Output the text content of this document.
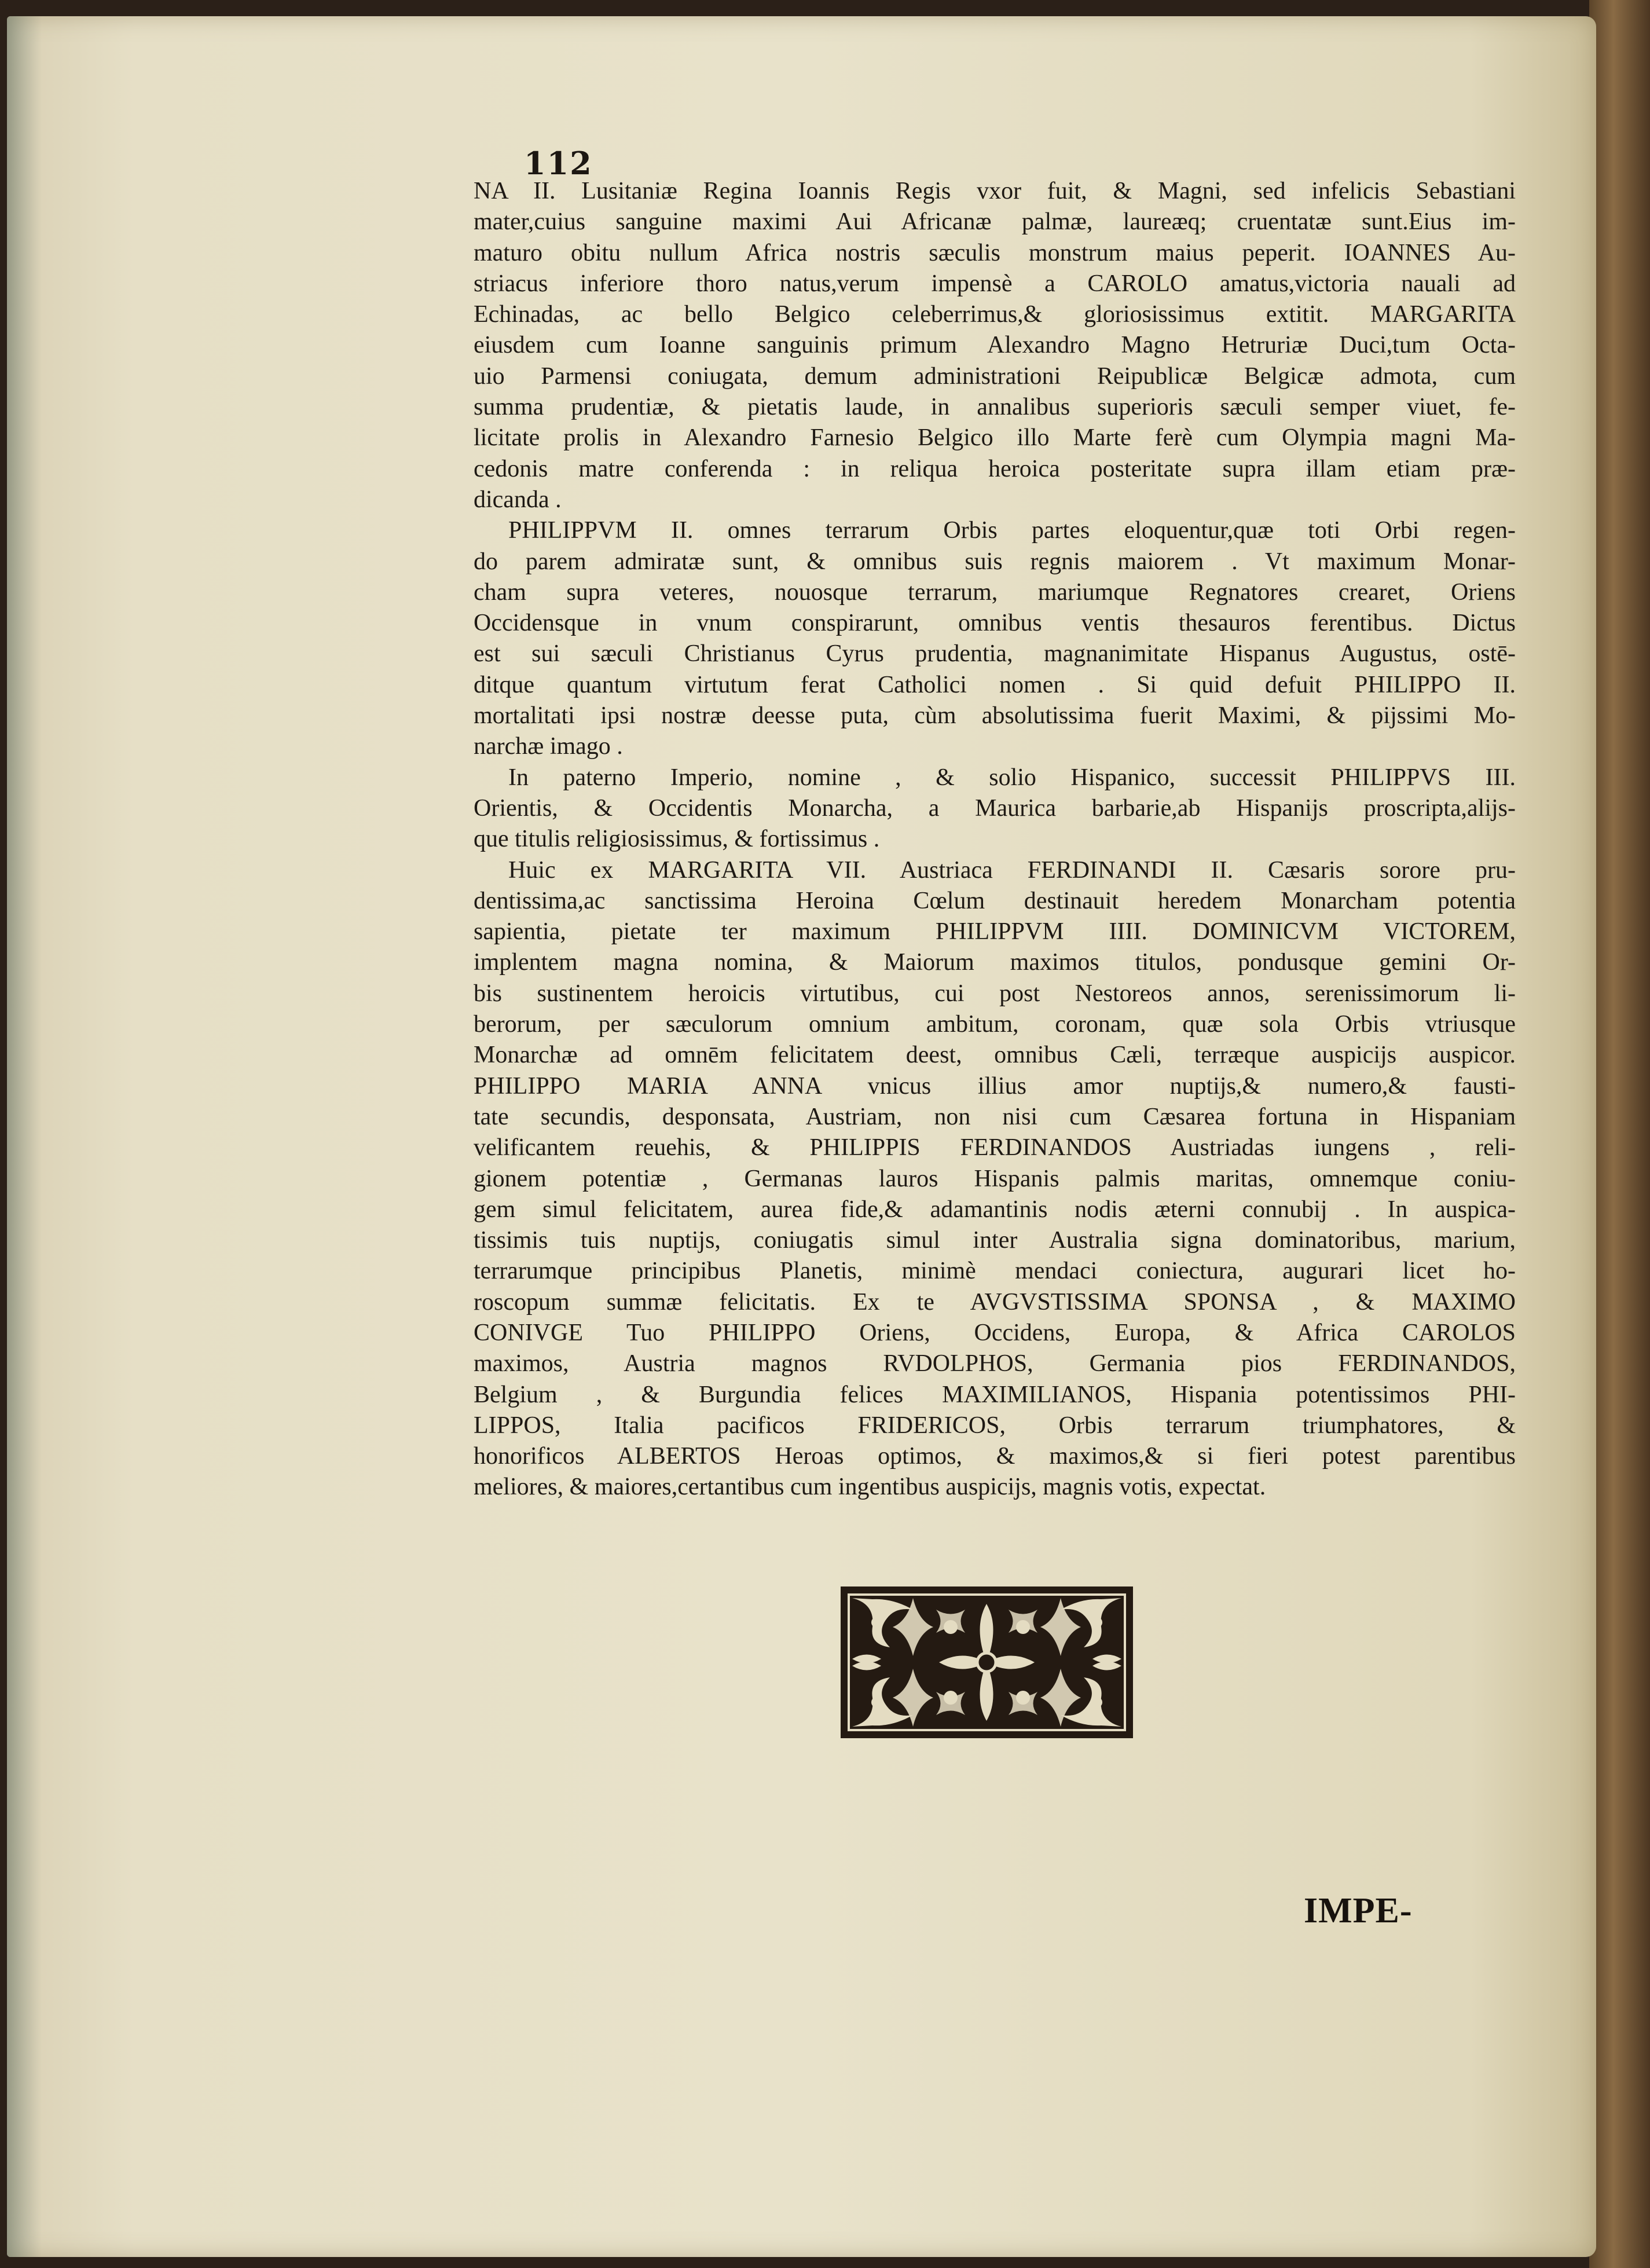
112
NA II. Lusitaniæ Regina Ioannis Regis vxor fuit, & Magni, sed infelicis Sebastiani
mater,cuius sanguine maximi Aui Africanæ palmæ, laureæq; cruentatæ sunt.Eius im-
maturo obitu nullum Africa nostris sæculis monstrum maius peperit. IOANNES Au-
striacus inferiore thoro natus,verum impensè a CAROLO amatus,victoria nauali ad
Echinadas, ac bello Belgico celeberrimus,& gloriosissimus extitit. MARGARITA
eiusdem cum Ioanne sanguinis primum Alexandro Magno Hetruriæ Duci,tum Octa-
uio Parmensi coniugata, demum administrationi Reipublicæ Belgicæ admota, cum
summa prudentiæ, & pietatis laude, in annalibus superioris sæculi semper viuet, fe-
licitate prolis in Alexandro Farnesio Belgico illo Marte ferè cum Olympia magni Ma-
cedonis matre conferenda : in reliqua heroica posteritate supra illam etiam præ-
dicanda .
PHILIPPVM II. omnes terrarum Orbis partes eloquentur,quæ toti Orbi regen-
do parem admiratæ sunt, & omnibus suis regnis maiorem . Vt maximum Monar-
cham supra veteres, nouosque terrarum, mariumque Regnatores crearet, Oriens
Occidensque in vnum conspirarunt, omnibus ventis thesauros ferentibus. Dictus
est sui sæculi Christianus Cyrus prudentia, magnanimitate Hispanus Augustus, ostē-
ditque quantum virtutum ferat Catholici nomen . Si quid defuit PHILIPPO II.
mortalitati ipsi nostræ deesse puta, cùm absolutissima fuerit Maximi, & pijssimi Mo-
narchæ imago .
In paterno Imperio, nomine , & solio Hispanico, successit PHILIPPVS III.
Orientis, & Occidentis Monarcha, a Maurica barbarie,ab Hispanijs proscripta,alijs-
que titulis religiosissimus, & fortissimus .
Huic ex MARGARITA VII. Austriaca FERDINANDI II. Cæsaris sorore pru-
dentissima,ac sanctissima Heroina Cœlum destinauit heredem Monarcham potentia
sapientia, pietate ter maximum PHILIPPVM IIII. DOMINICVM VICTOREM,
implentem magna nomina, & Maiorum maximos titulos, pondusque gemini Or-
bis sustinentem heroicis virtutibus, cui post Nestoreos annos, serenissimorum li-
berorum, per sæculorum omnium ambitum, coronam, quæ sola Orbis vtriusque
Monarchæ ad omnēm felicitatem deest, omnibus Cæli, terræque auspicijs auspicor.
PHILIPPO MARIA ANNA vnicus illius amor nuptijs,& numero,& fausti-
tate secundis, desponsata, Austriam, non nisi cum Cæsarea fortuna in Hispaniam
velificantem reuehis, & PHILIPPIS FERDINANDOS Austriadas iungens , reli-
gionem potentiæ , Germanas lauros Hispanis palmis maritas, omnemque coniu-
gem simul felicitatem, aurea fide,& adamantinis nodis æterni connubij . In auspica-
tissimis tuis nuptijs, coniugatis simul inter Australia signa dominatoribus, marium,
terrarumque principibus Planetis, minimè mendaci coniectura, augurari licet ho-
roscopum summæ felicitatis. Ex te AVGVSTISSIMA SPONSA , & MAXIMO
CONIVGE Tuo PHILIPPO Oriens, Occidens, Europa, & Africa CAROLOS
maximos, Austria magnos RVDOLPHOS, Germania pios FERDINANDOS,
Belgium , & Burgundia felices MAXIMILIANOS, Hispania potentissimos PHI-
LIPPOS, Italia pacificos FRIDERICOS, Orbis terrarum triumphatores, &
honorificos ALBERTOS Heroas optimos, & maximos,& si fieri potest parentibus
meliores, & maiores,certantibus cum ingentibus auspicijs, magnis votis, expectat.
IMPE-
